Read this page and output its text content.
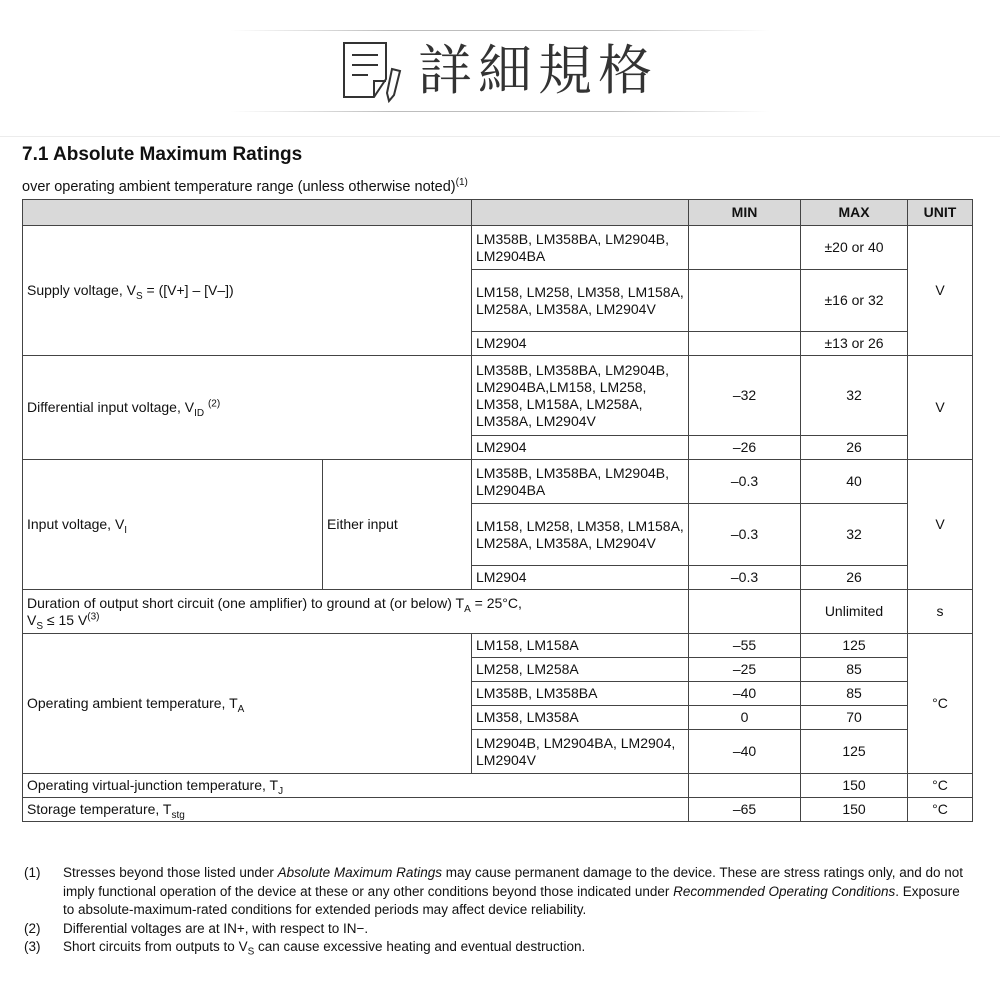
詳細規格
7.1 Absolute Maximum Ratings
over operating ambient temperature range (unless otherwise noted)$^{(1)}$
			MIN	MAX	UNIT
Supply voltage, $V_S = ([V+] - [V-])$		LM358B, LM358BA, LM2904B, LM2904BA		±20 or 40	V
		LM158, LM258, LM358, LM158A, LM258A, LM358A, LM2904V		±16 or 32	
		LM2904		±13 or 26	
Differential input voltage, $V_{ID}$ $^{(2)}$		LM358B, LM358BA, LM2904B, LM2904BA,LM158, LM258, LM358, LM158A, LM258A, LM358A, LM2904V	–32	32	V
		LM2904	–26	26	
Input voltage, $V_I$	Either input	LM358B, LM358BA, LM2904B, LM2904BA	–0.3	40	V
		LM158, LM258, LM358, LM158A, LM258A, LM358A, LM2904V	–0.3	32	
		LM2904	–0.3	26	
Duration of output short circuit (one amplifier) to ground at (or below) $T_A = 25^\circ C$,
$V_S \le 15$ $V^{(3)}$				Unlimited	s
Operating ambient temperature, $T_A$		LM158, LM158A	–55	125	°C
		LM258, LM258A	–25	85	
		LM358B, LM358BA	–40	85	
		LM358, LM358A	0	70	
		LM2904B, LM2904BA, LM2904, LM2904V	–40	125	
Operating virtual-junction temperature, $T_J$				150	°C
Storage temperature, $T_{stg}$			–65	150	°C
(1)	Stresses beyond those listed under Absolute Maximum Ratings may cause permanent damage to the device. These are stress ratings only, and do not imply functional operation of the device at these or any other conditions beyond those indicated under Recommended Operating Conditions. Exposure to absolute-maximum-rated conditions for extended periods may affect device reliability.
(2)	Differential voltages are at IN+, with respect to IN−.
(3)	Short circuits from outputs to $V_S$ can cause excessive heating and eventual destruction.
